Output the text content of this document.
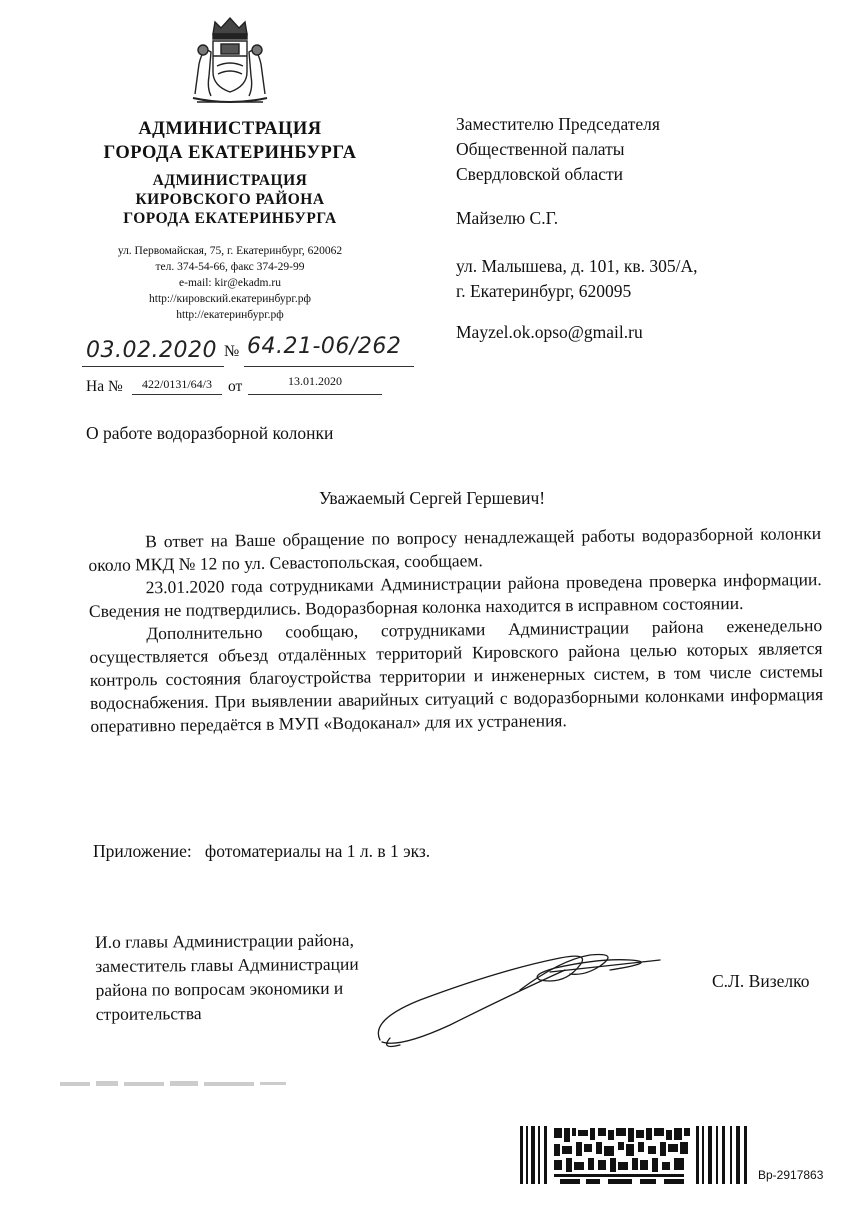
АДМИНИСТРАЦИЯ
ГОРОДА ЕКАТЕРИНБУРГА
АДМИНИСТРАЦИЯ
КИРОВСКОГО РАЙОНА
ГОРОДА ЕКАТЕРИНБУРГА
ул. Первомайская, 75, г. Екатеринбург, 620062
тел. 374-54-66, факс 374-29-99
e-mail: kir@ekadm.ru
http://кировский.екатеринбург.рф
http://екатеринбург.рф
03.02.2020 № 64.21-06/262
На №	422/0131/64/3	от	13.01.2020
Заместителю Председателя
Общественной палаты
Свердловской области
Майзелю С.Г.
ул. Малышева, д. 101, кв. 305/А,
г. Екатеринбург, 620095
Mayzel.ok.opso@gmail.ru
О работе водоразборной колонки
Уважаемый Сергей Гершевич!

В ответ на Ваше обращение по вопросу ненадлежащей работы водоразборной колонки около МКД № 12 по ул. Севастопольская, сообщаем.

23.01.2020 года сотрудниками Администрации района проведена проверка информации. Сведения не подтвердились. Водоразборная колонка находится в исправном состоянии.

Дополнительно сообщаю, сотрудниками Администрации района еженедельно осуществляется объезд отдалённых территорий Кировского района целью которых является контроль состояния благоустройства территории и инженерных систем, в том числе системы водоснабжения. При выявлении аварийных ситуаций с водоразборными колонками информация оперативно передаётся в МУП «Водоканал» для их устранения.

Приложение: фотоматериалы на 1 л. в 1 экз.
И.о главы Администрации района,
заместитель главы Администрации
района по вопросам экономики и
строительства
С.Л. Визелко
Вр-2917863
